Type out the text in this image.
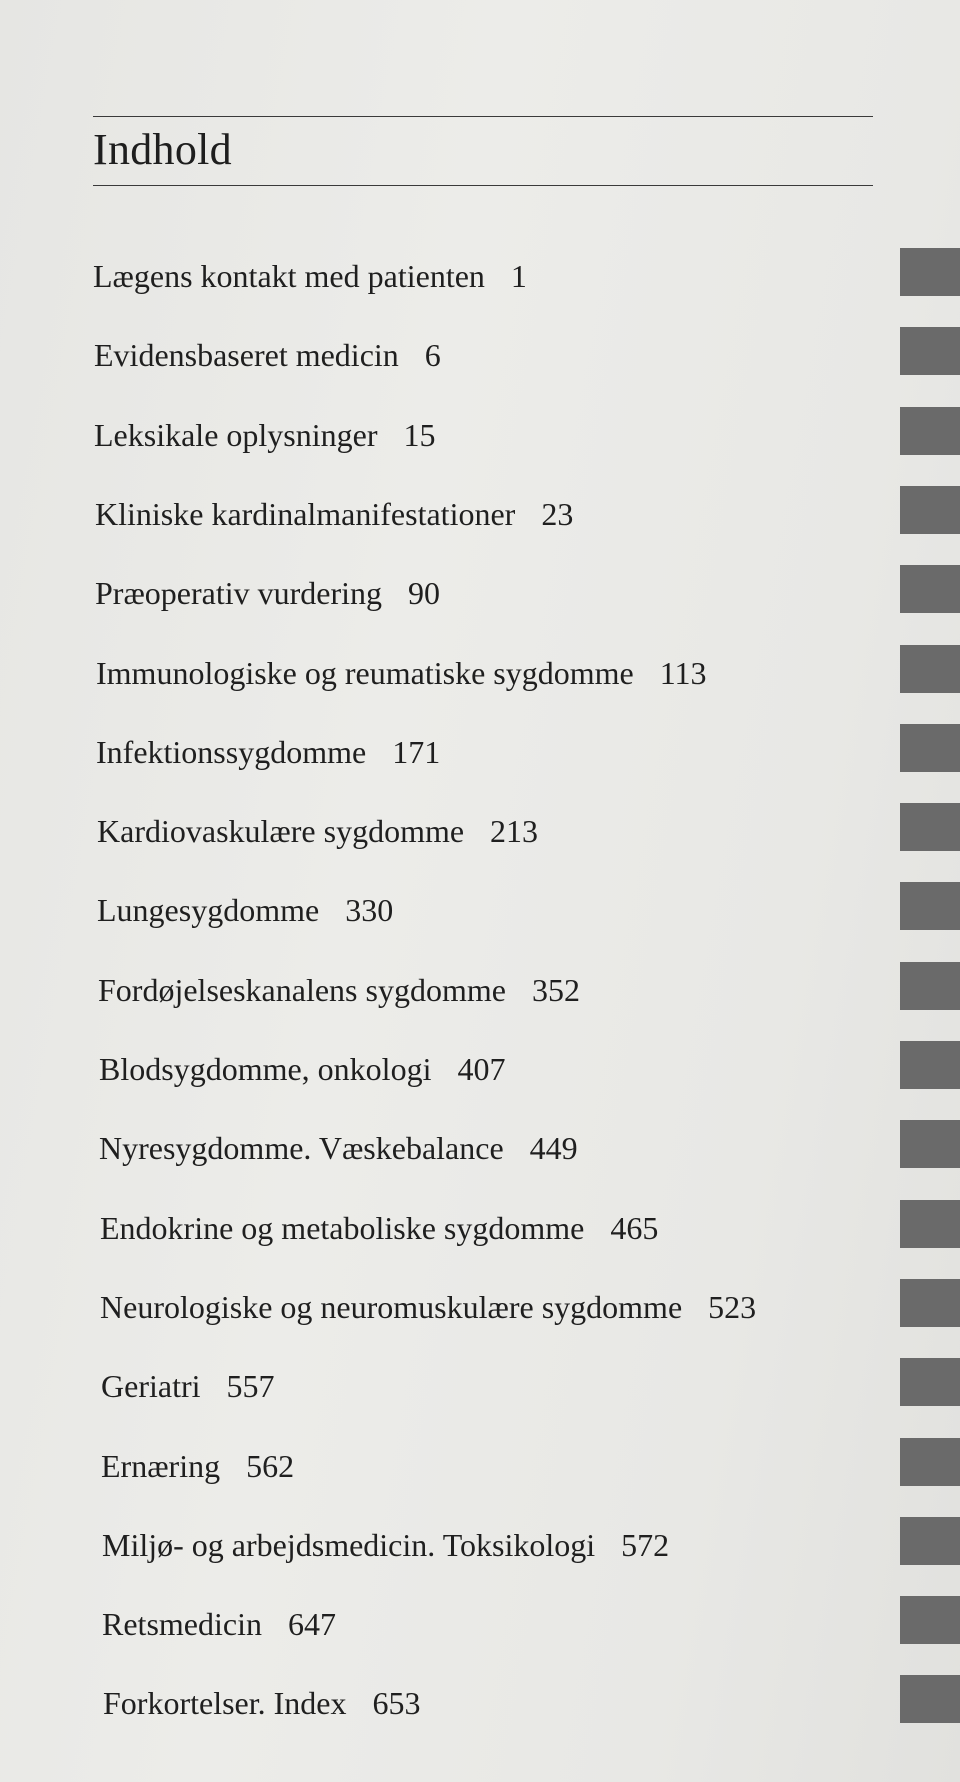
Indhold
Lægens kontakt med patienten 1
Evidensbaseret medicin 6
Leksikale oplysninger 15
Kliniske kardinalmanifestationer 23
Præoperativ vurdering 90
Immunologiske og reumatiske sygdomme 113
Infektionssygdomme 171
Kardiovaskulære sygdomme 213
Lungesygdomme 330
Fordøjelseskanalens sygdomme 352
Blodsygdomme, onkologi 407
Nyresygdomme. Væskebalance 449
Endokrine og metaboliske sygdomme 465
Neurologiske og neuromuskulære sygdomme 523
Geriatri 557
Ernæring 562
Miljø- og arbejdsmedicin. Toksikologi 572
Retsmedicin 647
Forkortelser. Index 653
